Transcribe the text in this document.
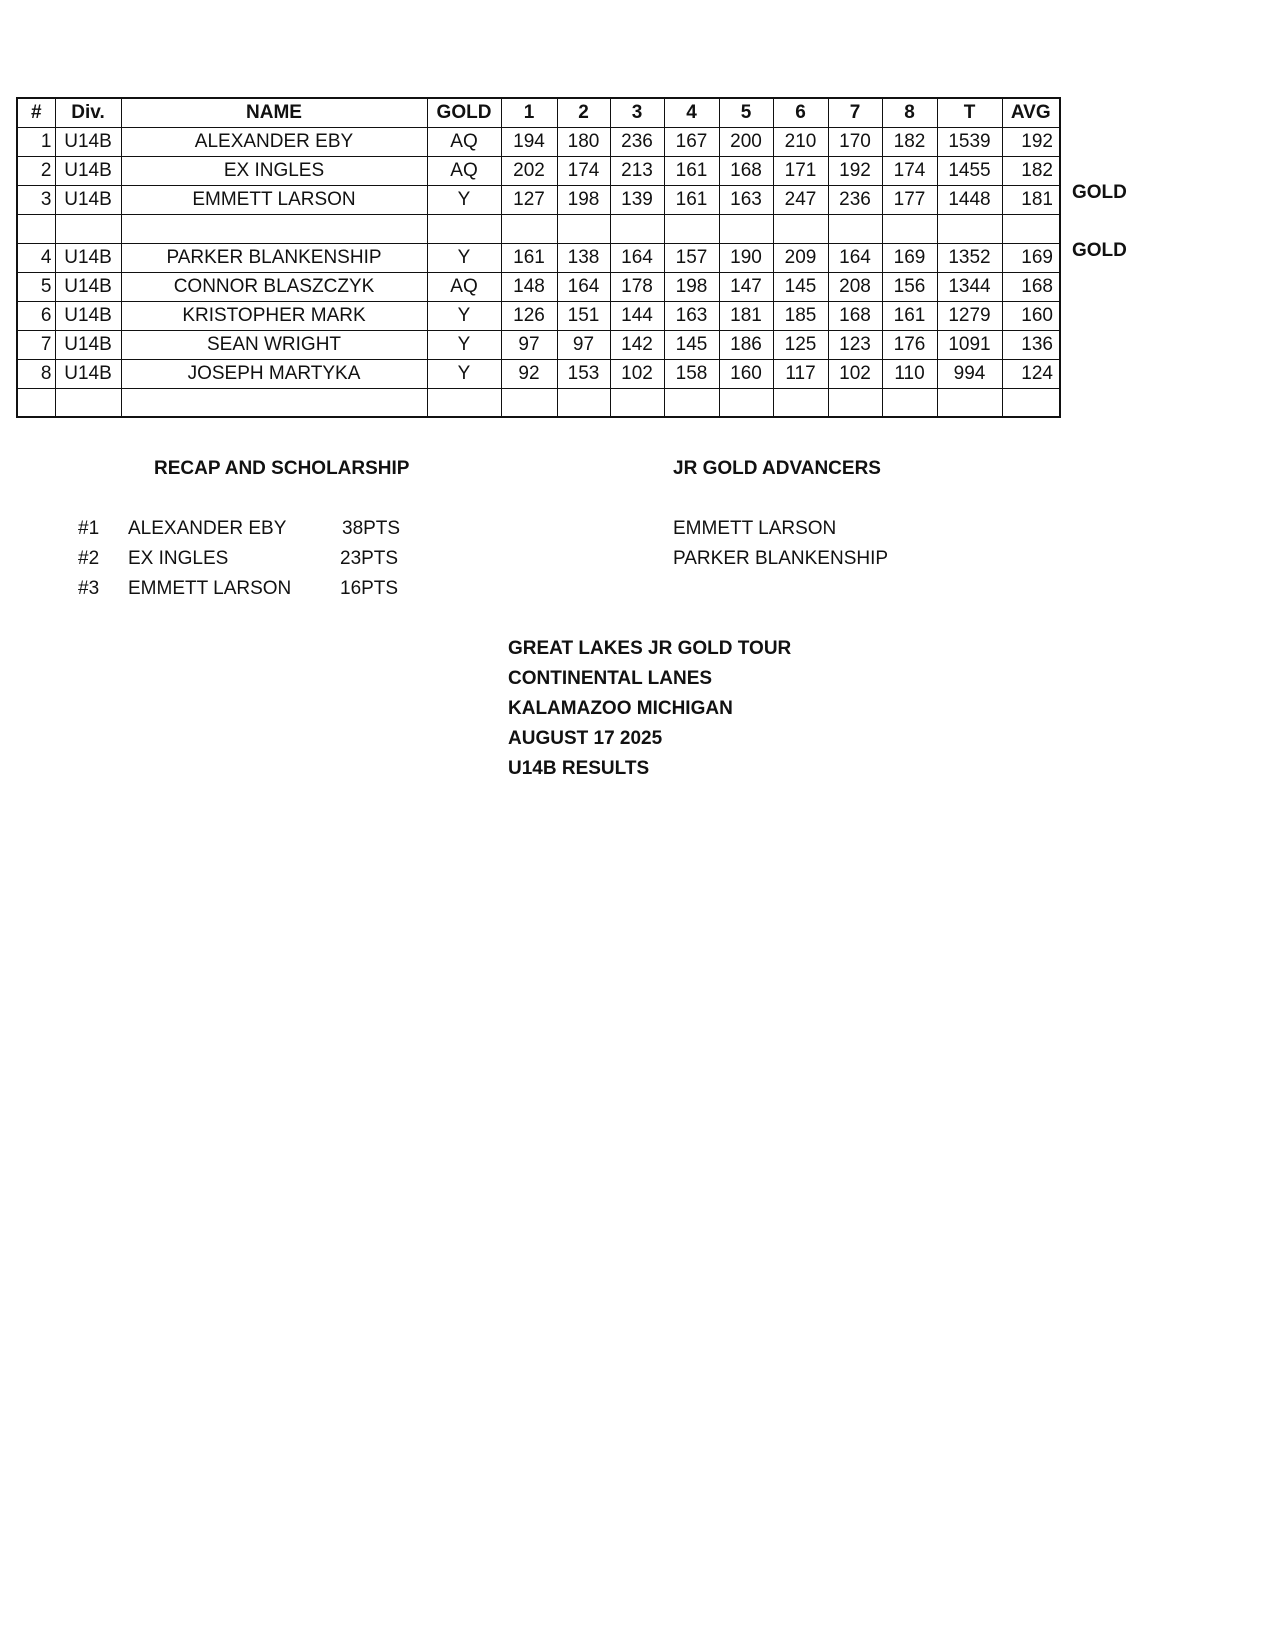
#	Div.	NAME	GOLD	1	2	3	4	5	6	7	8	T	AVG
1	U14B	ALEXANDER EBY	AQ	194	180	236	167	200	210	170	182	1539	192
2	U14B	EX INGLES	AQ	202	174	213	161	168	171	192	174	1455	182
3	U14B	EMMETT LARSON	Y	127	198	139	161	163	247	236	177	1448	181

4	U14B	PARKER BLANKENSHIP	Y	161	138	164	157	190	209	164	169	1352	169
5	U14B	CONNOR BLASZCZYK	AQ	148	164	178	198	147	145	208	156	1344	168
6	U14B	KRISTOPHER MARK	Y	126	151	144	163	181	185	168	161	1279	160
7	U14B	SEAN WRIGHT	Y	97	97	142	145	186	125	123	176	1091	136
8	U14B	JOSEPH MARTYKA	Y	92	153	102	158	160	117	102	110	994	124

GOLD
GOLD
RECAP AND SCHOLARSHIP
#1 ALEXANDER EBY	38PTS
#2 EX INGLES	23PTS
#3 EMMETT LARSON	16PTS
JR GOLD ADVANCERS
EMMETT LARSON
PARKER BLANKENSHIP
GREAT LAKES JR GOLD TOUR
CONTINENTAL LANES
KALAMAZOO MICHIGAN
AUGUST 17 2025
U14B RESULTS
